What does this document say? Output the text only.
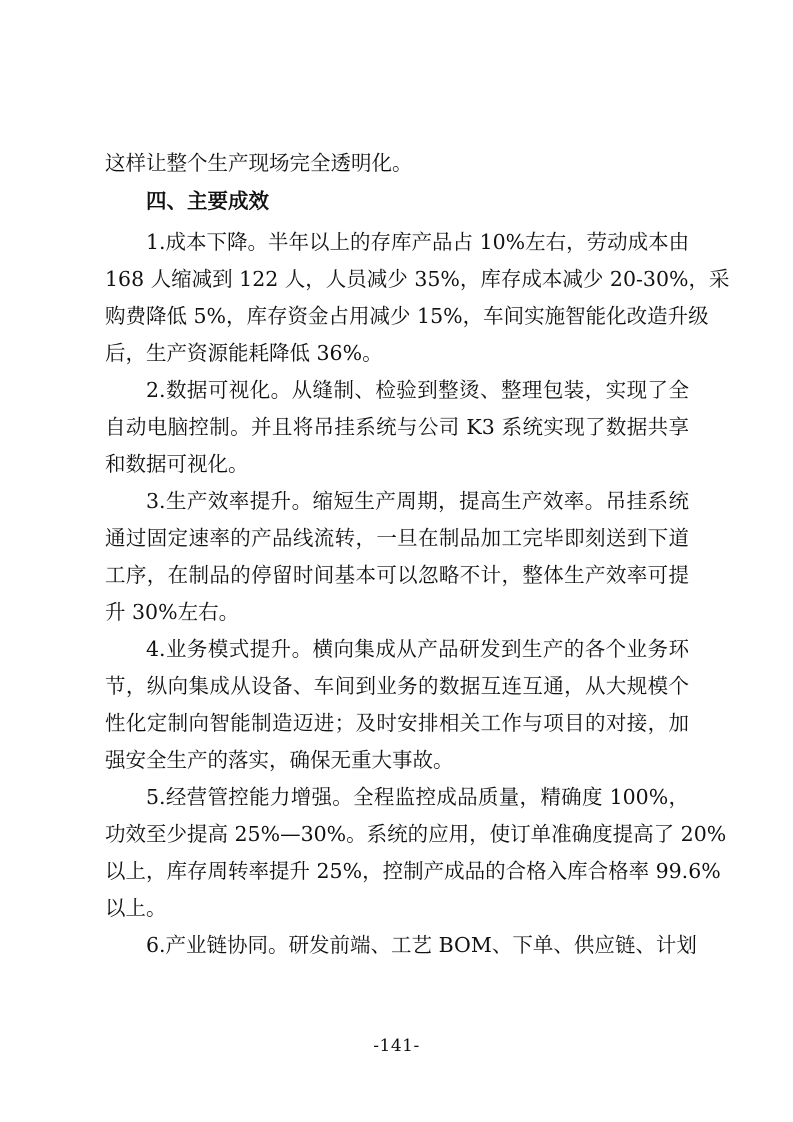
这样让整个生产现场完全透明化。
四、主要成效
1.成本下降。半年以上的存库产品占 10%左右，劳动成本由
168 人缩减到 122 人，人员减少 35%，库存成本减少 20-30%，采
购费降低 5%，库存资金占用减少 15%，车间实施智能化改造升级
后，生产资源能耗降低 36%。
2.数据可视化。从缝制、检验到整烫、整理包装，实现了全
自动电脑控制。并且将吊挂系统与公司 K3 系统实现了数据共享
和数据可视化。
3.生产效率提升。缩短生产周期，提高生产效率。吊挂系统
通过固定速率的产品线流转，一旦在制品加工完毕即刻送到下道
工序，在制品的停留时间基本可以忽略不计，整体生产效率可提
升 30%左右。
4.业务模式提升。横向集成从产品研发到生产的各个业务环
节，纵向集成从设备、车间到业务的数据互连互通，从大规模个
性化定制向智能制造迈进；及时安排相关工作与项目的对接，加
强安全生产的落实，确保无重大事故。
5.经营管控能力增强。全程监控成品质量，精确度 100%，
功效至少提高 25%—30%。系统的应用，使订单准确度提高了 20%
以上，库存周转率提升 25%，控制产成品的合格入库合格率 99.6%
以上。
6.产业链协同。研发前端、工艺 BOM、下单、供应链、计划
-141-
